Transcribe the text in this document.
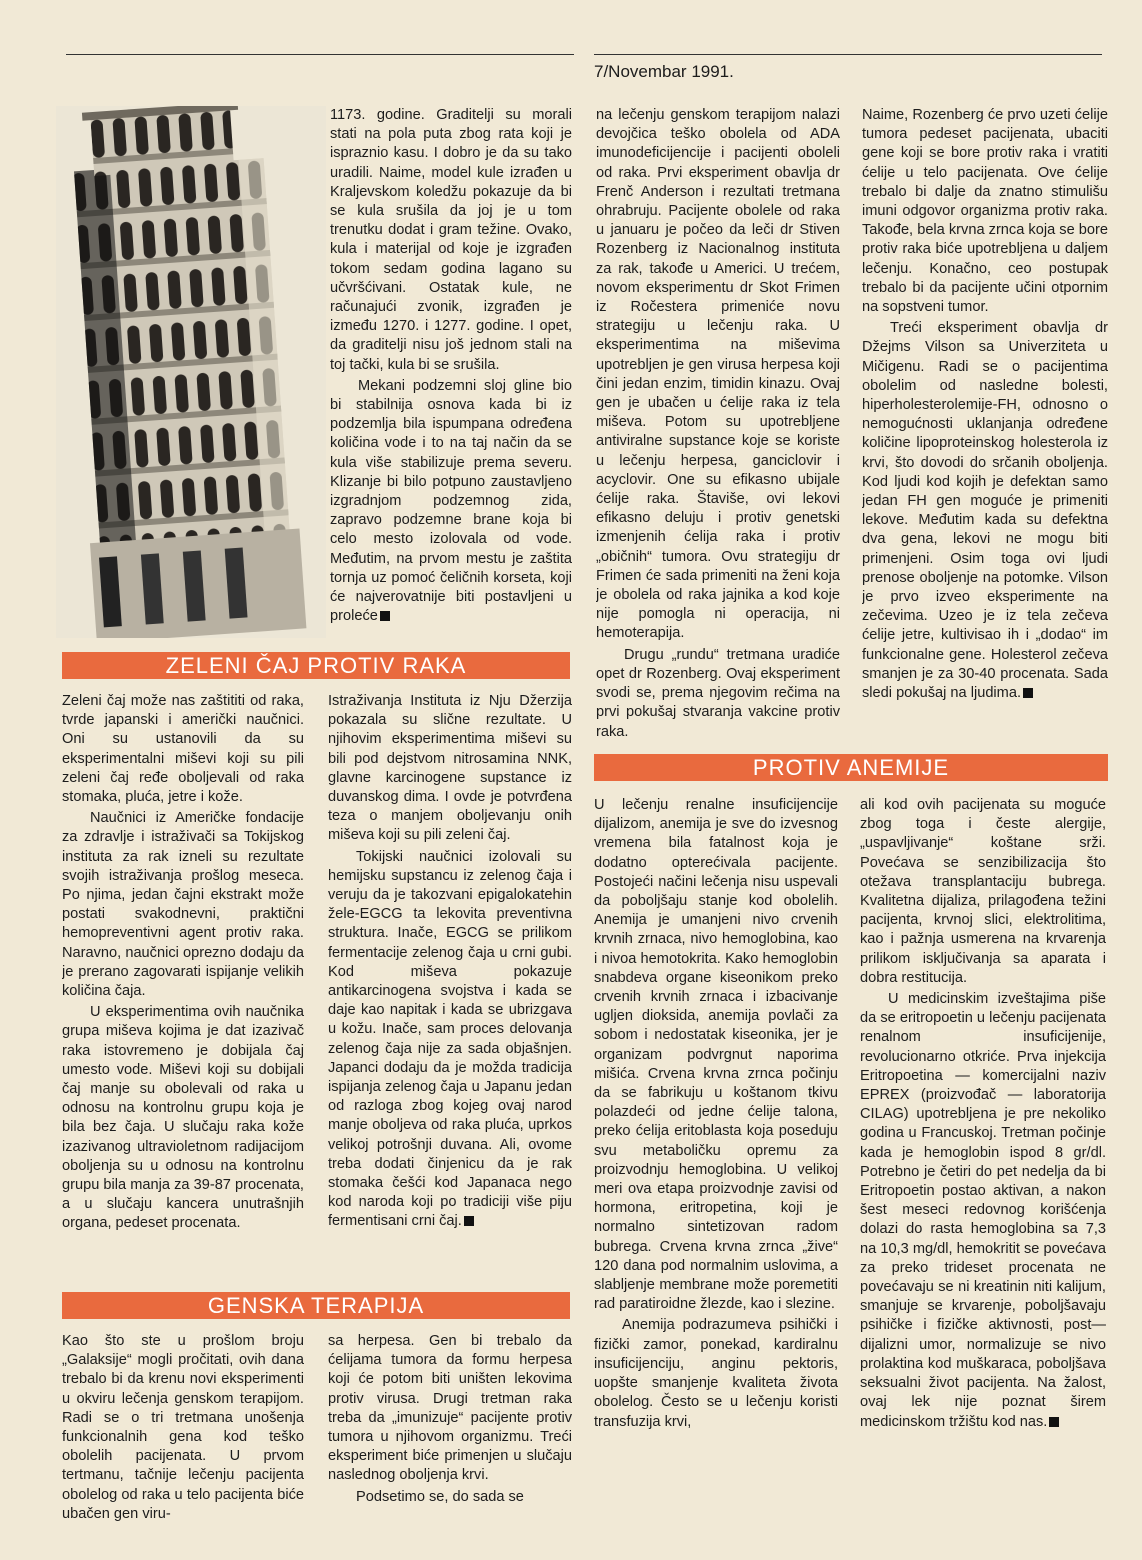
7/Novembar 1991.

1173. godine. Graditelji su morali stati na pola puta zbog rata koji je ispraznio kasu. I dobro je da su tako uradili. Naime, model kule izrađen u Kraljevskom koledžu pokazuje da bi se kula srušila da joj je u tom trenutku dodat i gram težine. Ovako, kula i materijal od koje je izgrađen tokom sedam godina lagano su učvršćivani. Ostatak kule, ne računajući zvonik, izgrađen je između 1270. i 1277. godine. I opet, da graditelji nisu još jednom stali na toj tački, kula bi se srušila.

Mekani podzemni sloj gline bio bi stabilnija osnova kada bi iz podzemlja bila ispumpana određena količina vode i to na taj način da se kula više stabilizuje prema severu. Klizanje bi bilo potpuno zaustavljeno izgradnjom podzemnog zida, zapravo podzemne brane koja bi celo mesto izolovala od vode. Međutim, na prvom mestu je zaštita tornja uz pomoć čeličnih korseta, koji će najverovatnije biti postavljeni u proleće

na lečenju genskom terapijom nalazi devojčica teško obolela od ADA imunodeficijencije i pacijenti oboleli od raka. Prvi eksperiment obavlja dr Frenč Anderson i rezultati tretmana ohrabruju. Pacijente obolele od raka u januaru je počeo da leči dr Stiven Rozenberg iz Nacionalnog instituta za rak, takođe u Americi. U trećem, novom eksperimentu dr Skot Frimen iz Ročestera primeniće novu strategiju u lečenju raka. U eksperimentima na miševima upotrebljen je gen virusa herpesa koji čini jedan enzim, timidin kinazu. Ovaj gen je ubačen u ćelije raka iz tela miševa. Potom su upotrebljene antiviralne supstance koje se koriste u lečenju herpesa, ganciclovir i acyclovir. One su efikasno ubijale ćelije raka. Štaviše, ovi lekovi efikasno deluju i protiv genetski izmenjenih ćelija raka i protiv „običnih“ tumora. Ovu strategiju dr Frimen će sada primeniti na ženi koja je obolela od raka jajnika a kod koje nije pomogla ni operacija, ni hemoterapija.

Drugu „rundu“ tretmana uradiće opet dr Rozenberg. Ovaj eksperiment svodi se, prema njegovim rečima na prvi pokušaj stvaranja vakcine protiv raka.

Naime, Rozenberg će prvo uzeti ćelije tumora pedeset pacijenata, ubaciti gene koji se bore protiv raka i vratiti ćelije u telo pacijenata. Ove ćelije trebalo bi dalje da znatno stimulišu imuni odgovor organizma protiv raka. Takođe, bela krvna zrnca koja se bore protiv raka biće upotrebljena u daljem lečenju. Konačno, ceo postupak trebalo bi da pacijente učini otpornim na sopstveni tumor.

Treći eksperiment obavlja dr Džejms Vilson sa Univerziteta u Mičigenu. Radi se o pacijentima obolelim od naslednе bolesti, hiperholesterolemije-FH, odnosno o nemogućnosti uklanjanja određene količine lipoproteinskog holesterola iz krvi, što dovodi do srčanih oboljenja. Kod ljudi kod kojih je defektan samo jedan FH gen moguće je primeniti lekove. Međutim kada su defektna dva gena, lekovi ne mogu biti primenjeni. Osim toga ovi ljudi prenose oboljenje na potomke. Vilson je prvo izveo eksperimente na zečevima. Uzeo je iz tela zečeva ćelije jetre, kultivisao ih i „dodao“ im funkcionalne gene. Holesterol zečeva smanjen je za 30-40 procenata. Sada sledi pokušaj na ljudima.

ZELENI ČAJ PROTIV RAKA

Zeleni čaj može nas zaštititi od raka, tvrde japanski i američki naučnici. Oni su ustanovili da su eksperimentalni miševi koji su pili zeleni čaj ređe obolјevali od raka stomaka, pluća, jetre i kože.

Naučnici iz Američke fondacije za zdravlje i istraživači sa Tokijskog instituta za rak izneli su rezultate svojih istraživanja prošlog meseca. Po njima, jedan čajni ekstrakt može postati svakodnevni, praktični hemopreventivni agent protiv raka. Naravno, naučnici oprezno dodaju da je prerano zagovarati ispijanje velikih količina čaja.

U eksperimentima ovih naučnika grupa miševa kojima je dat izazivač raka istovremeno je dobijala čaj umesto vode. Miševi koji su dobijali čaj manje su obolevali od raka u odnosu na kontrolnu grupu koja je bila bez čaja. U slučaju raka kože izazivanog ultravioletnom radijacijom oboljenja su u odnosu na kontrolnu grupu bila manja za 39-87 procenata, a u slučaju kancera unutrašnjih organa, pedeset procenata.

Istraživanja Instituta iz Nju Džerzija pokazala su slične rezultate. U njihovim eksperimentima miševi su bili pod dejstvom nitrosamina NNK, glavne karcinogene supstance iz duvanskog dima. I ovde je potvrđena teza o manjem obolјevanju onih miševa koji su pili zeleni čaj.

Tokijski naučnici izolovali su hemijsku supstancu iz zelenog čaja i veruju da je takozvani epigalokatehin žele-EGCG ta lekovita preventivna struktura. Inače, EGCG se prilikom fermentacije zelenog čaja u crni gubi. Kod miševa pokazuje antikarcinogena svojstva i kada se daje kao napitak i kada se ubrizgava u kožu. Inače, sam proces delovanja zelenog čaja nije za sada objašnjen. Japanci dodaju da je možda tradicija ispijanja zelenog čaja u Japanu jedan od razloga zbog kojeg ovaj narod manje obolјeva od raka pluća, uprkos velikoj potrošnji duvana. Ali, ovome treba dodati činjenicu da je rak stomaka češći kod Japanaca nego kod naroda koji po tradiciji više piju fermentisani crni čaj.

GENSKA TERAPIJA

Kao što ste u prošlom broju „Galaksije“ mogli pročitati, ovih dana trebalo bi da krenu novi eksperimenti u okviru lečenja genskom terapijom. Radi se o tri tretmana unošenja funkcionalnih gena kod teško obolelih pacijenata. U prvom tertmanu, tačnije lečenju pacijenta obolelog od raka u telo pacijenta biće ubačen gen viru-

sa herpesa. Gen bi trebalo da ćelijama tumora da formu herpesa koji će potom biti uništen lekovima protiv virusa. Drugi tretman raka treba da „imunizuje“ pacijente protiv tumora u njihovom organizmu. Treći eksperiment biće primenjen u slučaju naslednog oboljenja krvi.

Podsetimo se, do sada se

PROTIV ANEMIJE

U lečenju renalne insuficijencije dijalizom, anemija je sve do izvesnog vremena bila fatalnost koja je dodatno opterećivala paciјente. Postojeći načini lečenja nisu uspevali da poboljšaju stanje kod obolelih. Anemija je umanjeni nivo crvenih krvnih zrnaca, nivo hemoglobina, kao i nivoa hemotokrita. Kako hemoglobin snabdeva organe kiseonikom preko crvenih krvnih zrnaca i izbacivanje ugljen dioksida, anemija povlači za sobom i nedostatak kiseonika, jer je organizam podvrgnut naporima mišića. Crvena krvna zrnca počinju da se fabrikuju u koštanom tkivu polazdeći od jedne ćelije talona, preko ćelija eritoblasta koja poseduju svu metaboličku opremu za proizvodnju hemoglobina. U velikoj meri ova etapa proizvodnje zavisi od hormona, eritropetina, koji je normalno sintetizovan radom bubrega. Crvena krvna zrnca „žive“ 120 dana pod normalnim uslovima, a slabljenje membrane može poremetiti rad paratiroidne žlezde, kao i slezine.

Anemija podrazumeva psihički i fizički zamor, ponekad, kardiralnu insuficijenciju, anginu pektoris, uopšte smanjenje kvaliteta života obolelog. Često se u lečenju koristi transfuzija krvi,

ali kod ovih pacijenata su moguće zbog toga i česte alergije, „uspavljivanje“ koštane srži. Povećava se senzibilizacija što otežava transplantaciju bubrega. Kvalitetna dijaliza, prilagođena težini pacijenta, krvnoj slici, elektrolitima, kao i pažnja usmerena na krvarenja prilikom isključivanja sa aparata i dobra restitucija.

U medicinskim izveštajima piše da se eritropoetin u lečenju pacijenata renalnom insuficijenije, revolucionarno otkriće. Prva injekcija Eritropoetina — komercijalni naziv EPREX (proizvođač — laboratorija CILAG) upotrebljena je pre nekoliko godina u Francuskoj. Tretman počinje kada je hemoglobin ispod 8 gr/dl. Potrebno je četiri do pet nedelja da bi Eritropoetin postao aktivan, a nakon šest meseci redovnog korišćenja dolazi do rasta hemoglobina sa 7,3 na 10,3 mg/dl, hemokritit se povećava za preko trideset procenata ne povećavaju se ni kreatinin niti kalijum, smanjuje se krvarenje, poboljšavaju psihičke i fizičke aktivnosti, post—dijalizni umor, normalizuje se nivo prolaktina kod muškaraca, poboljšava seksualni život pacijenta. Na žalost, ovaj lek nije poznat širem medicinskom tržištu kod nas.
